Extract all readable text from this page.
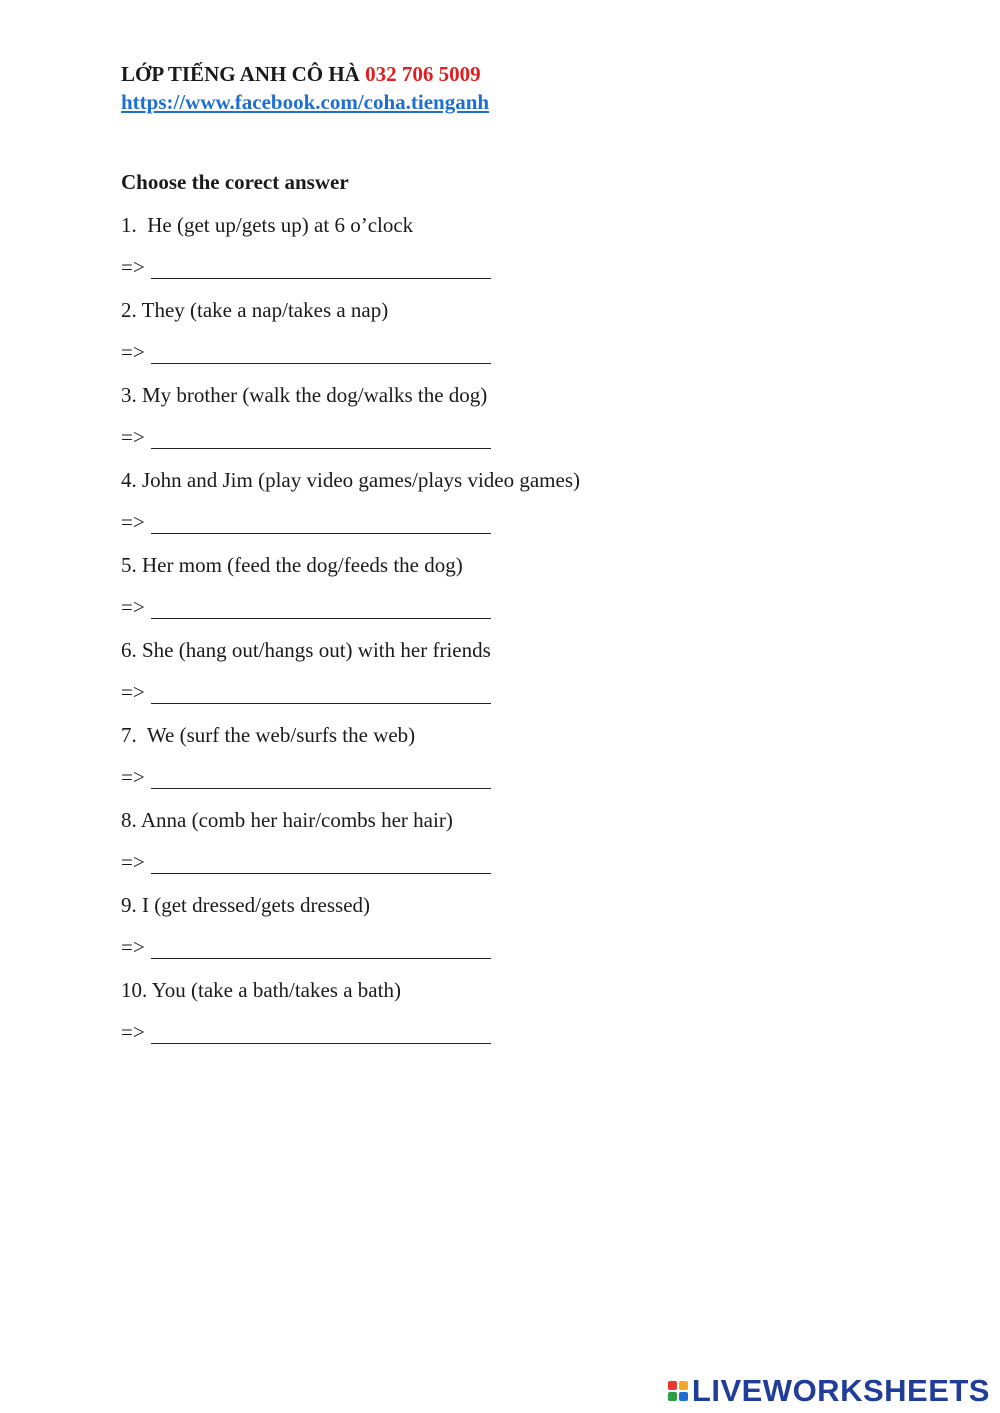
LỚP TIẾNG ANH CÔ HÀ 032 706 5009
https://www.facebook.com/coha.tienganh
Choose the corect answer
1.  He (get up/gets up) at 6 o’clock
=>
2. They (take a nap/takes a nap)
=>
3. My brother (walk the dog/walks the dog)
=>
4. John and Jim (play video games/plays video games)
=>
5. Her mom (feed the dog/feeds the dog)
=>
6. She (hang out/hangs out) with her friends
=>
7.  We (surf the web/surfs the web)
=>
8. Anna (comb her hair/combs her hair)
=>
9. I (get dressed/gets dressed)
=>
10. You (take a bath/takes a bath)
=>
LIVEWORKSHEETS
